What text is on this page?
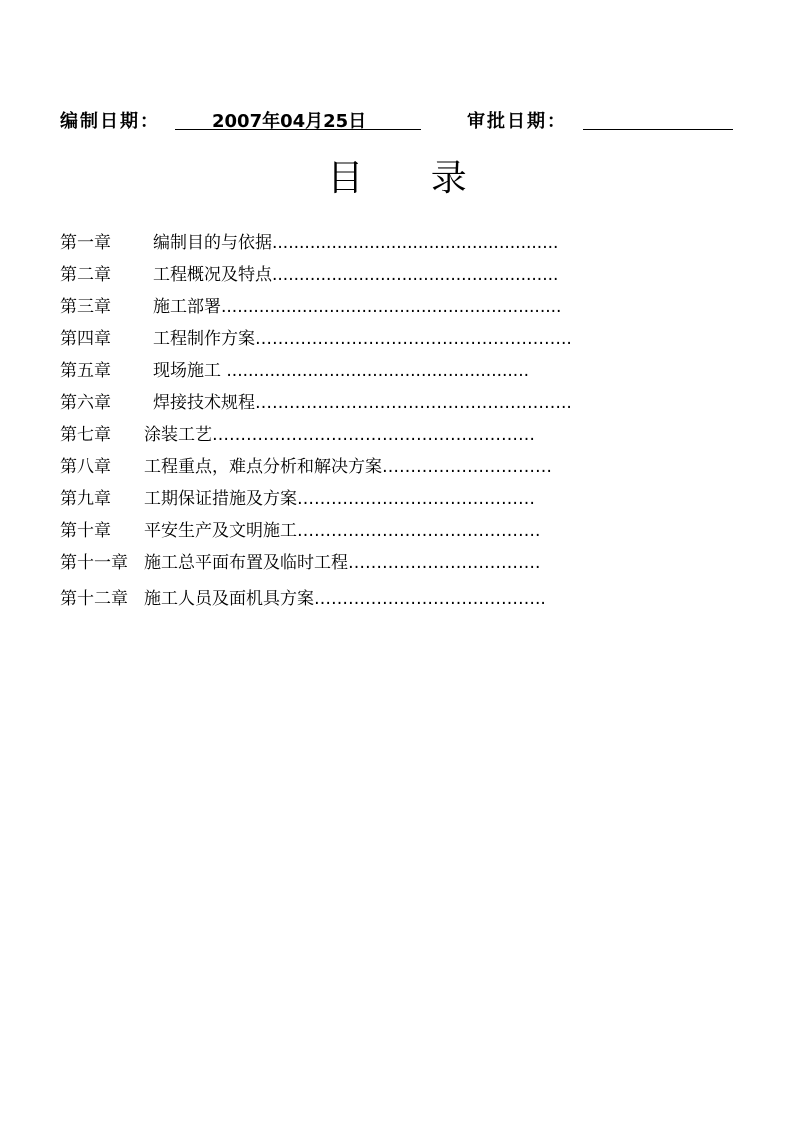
编制日期：	2007年04月25日	审批日期：
目 录
第一章 编制目的与依据.....................................................
第二章 工程概况及特点.....................................................
第三章 施工部署...............................................................
第四章 工程制作方案………………………………………………..
第五章 现场施工 ........................................................
第六章 焊接技术规程………………………………………………..
第七章 涂装工艺…………………………………………………
第八章 工程重点，难点分析和解决方案…………………………
第九章 工期保证措施及方案……………………………………
第十章 平安生产及文明施工…………………………………….
第十一章 施工总平面布置及临时工程…………………………….
第十二章 施工人员及面机具方案…………………………………..
